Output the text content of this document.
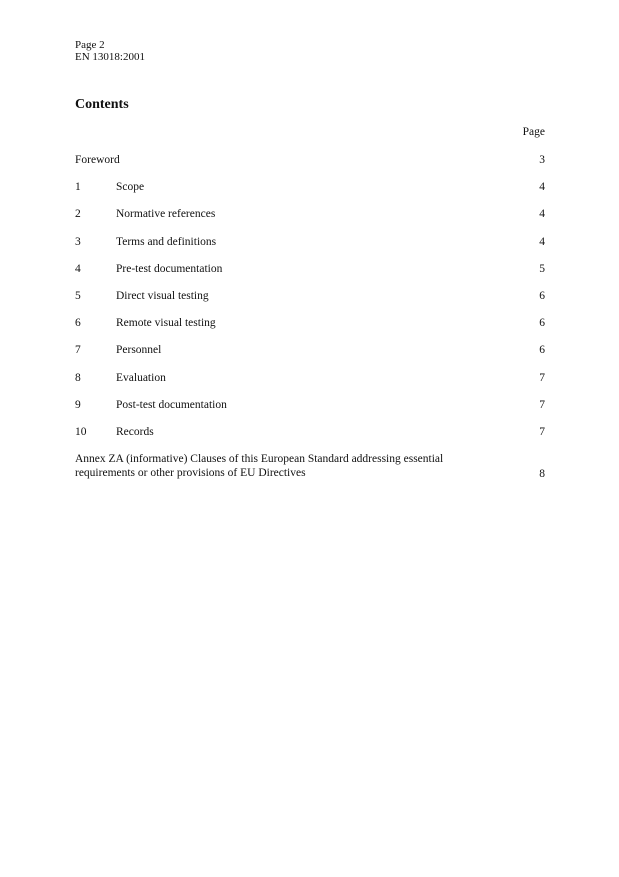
Page 2
EN 13018:2001
Contents
Page
Foreword	3
1	Scope	4
2	Normative references	4
3	Terms and definitions	4
4	Pre-test documentation	5
5	Direct visual testing	6
6	Remote visual testing	6
7	Personnel	6
8	Evaluation	7
9	Post-test documentation	7
10	Records	7
Annex ZA (informative) Clauses of this European Standard addressing essential
requirements or other provisions of EU Directives	8
